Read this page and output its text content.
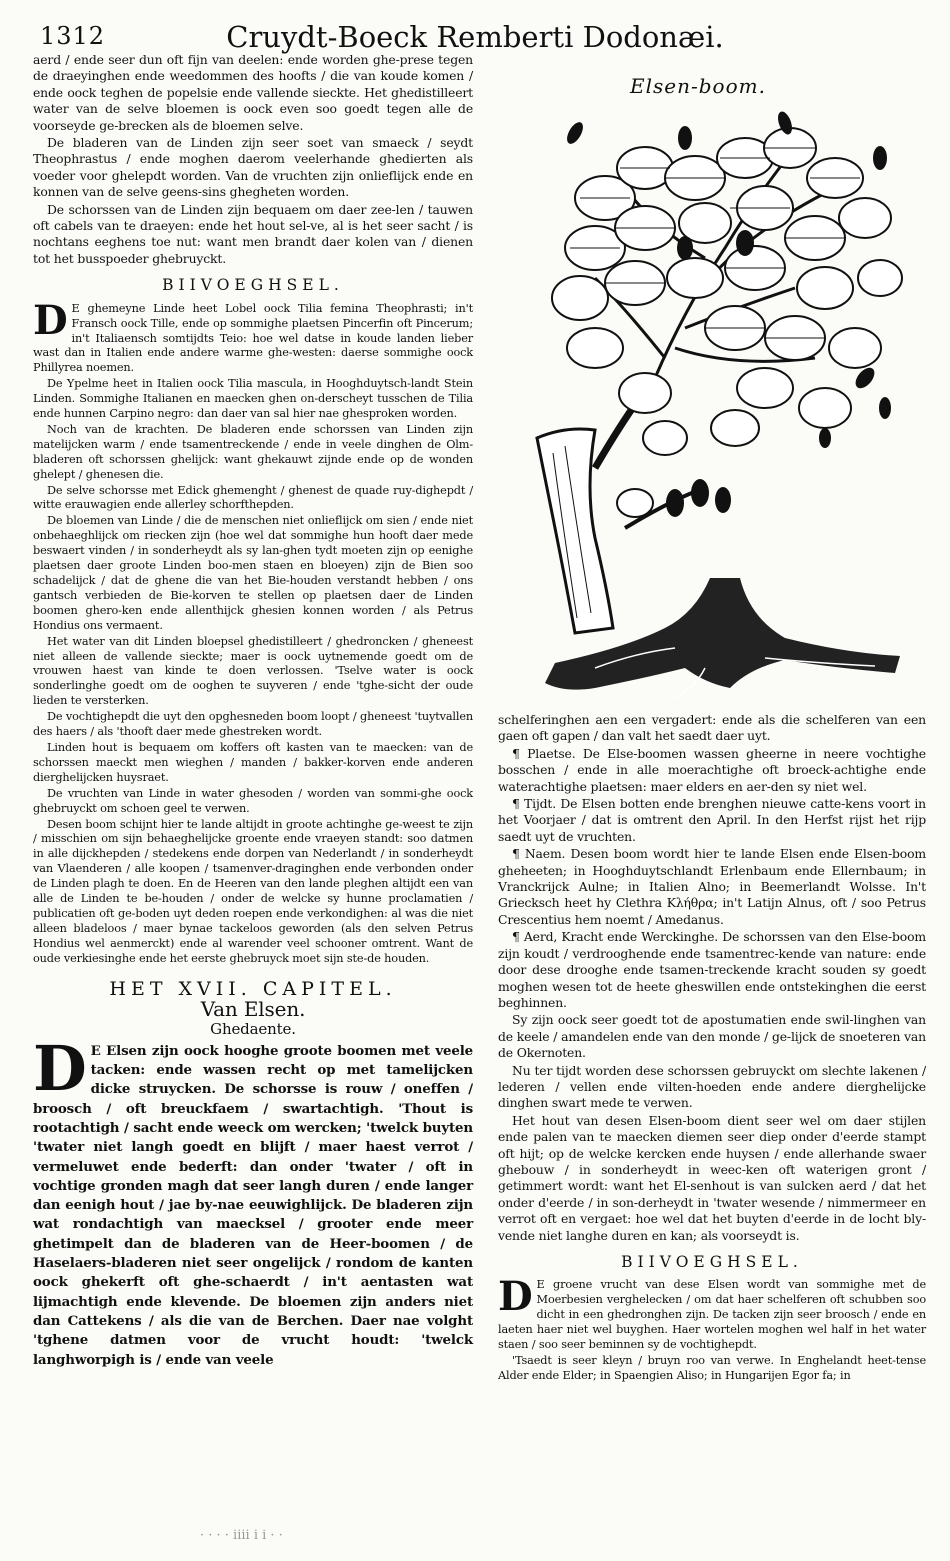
1312	Cruydt-Boeck Remberti Dodonæi.
Elsen-boom.

aerd / ende seer dun oft fijn van deelen: ende worden ghe-prese tegen de draeyinghen ende weedommen des hoofts / die van koude komen / ende oock teghen de popelsie ende vallende sieckte. Het ghedistilleert water van de selve bloemen is oock even soo goedt tegen alle de voorseyde ge-brecken als de bloemen selve.

De bladeren van de Linden zijn seer soet van smaeck / seydt Theophrastus / ende moghen daerom veelerhande ghedierten als voeder voor ghelepdt worden. Van de vruchten zijn onlieflijck ende en konnen van de selve geens-sins ghegheten worden.

De schorssen van de Linden zijn bequaem om daer zee-len / tauwen oft cabels van te draeyen: ende het hout sel-ve, al is het seer sacht / is nochtans eeghens toe nut: want men brandt daer kolen van / dienen tot het busspoeder ghebruyckt.

BIIVOEGHSEL.

D E ghemeyne Linde heet Lobel oock Tilia femina Theophrasti; in't Fransch oock Tille, ende op sommighe plaetsen Pincerfin oft Pincerum; in't Italiaensch somtijdts Teio: hoe wel datse in koude landen lieber wast dan in Italien ende andere warme ghe-westen: daerse sommighe oock Phillyrea noemen.

De Ypelme heet in Italien oock Tilia mascula, in Hooghduytsch-landt Stein Linden. Sommighe Italianen en maecken ghen on-derscheyt tusschen de Tilia ende hunnen Carpino negro: dan daer van sal hier nae ghesproken worden.

Noch van de krachten. De bladeren ende schorssen van Linden zijn matelijcken warm / ende tsamentreckende / ende in veele dinghen de Olm-bladeren oft schorssen ghelijck: want ghekauwt zijnde ende op de wonden ghelept / ghenesen die.

De selve schorsse met Edick ghemenght / ghenest de quade ruy-dighepdt / witte erauwagien ende allerley schorfthepden.

De bloemen van Linde / die de menschen niet onlieflijck om sien / ende niet onbehaeghlijck om riecken zijn (hoe wel dat sommighe hun hooft daer mede beswaert vinden / in sonderheydt als sy lan-ghen tydt moeten zijn op eenighe plaetsen daer groote Linden boo-men staen en bloeyen) zijn de Bien soo schadelijck / dat de ghene die van het Bie-houden verstandt hebben / ons gantsch verbieden de Bie-korven te stellen op plaetsen daer de Linden boomen ghero-ken ende allenthijck ghesien konnen worden / als Petrus Hondius ons vermaent.

Het water van dit Linden bloepsel ghedistilleert / ghedroncken / gheneest niet alleen de vallende sieckte; maer is oock uytnemende goedt om de vrouwen haest van kinde te doen verlossen. 'Tselve water is oock sonderlinghe goedt om de ooghen te suyveren / ende 'tghe-sicht der oude lieden te versterken.

De vochtighepdt die uyt den opghesneden boom loopt / gheneest 'tuytvallen des haers / als 'thooft daer mede ghestreken wordt.

Linden hout is bequaem om koffers oft kasten van te maecken: van de schorssen maeckt men wieghen / manden / bakker-korven ende anderen dierghelijcken huysraet.

De vruchten van Linde in water ghesoden / worden van sommi-ghe oock ghebruyckt om schoen geel te verwen.

Desen boom schijnt hier te lande altijdt in groote achtinghe ge-weest te zijn / misschien om sijn behaeghelijcke groente ende vraeyen standt: soo datmen in alle dijckhepden / stedekens ende dorpen van Nederlandt / in sonderheydt van Vlaenderen / alle koopen / tsamenver-draginghen ende verbonden onder de Linden plagh te doen. En de Heeren van den lande pleghen altijdt een van alle de Linden te be-houden / onder de welcke sy hunne proclamatien / publicatien oft ge-boden uyt deden roepen ende verkondighen: al was die niet alleen bladeloos / maer bynae tackeloos geworden (als den selven Petrus Hondius wel aenmerckt) ende al warender veel schooner omtrent. Want de oude verkiesinghe ende het eerste ghebruyck moet sijn ste-de houden.

HET XVII. CAPITEL.
Van Elsen.
Ghedaente.

D E Elsen zijn oock hooghe groote boomen met veele tacken: ende wassen recht op met tamelijcken dicke struycken. De schorsse is rouw / oneffen / broosch / oft breuckfaem / swartachtigh. 'Thout is rootachtigh / sacht ende weeck om wercken; 'twelck buyten 'twater niet langh goedt en blijft / maer haest verrot / vermeluwet ende bederft: dan onder 'twater / oft in vochtige gronden magh dat seer langh duren / ende langer dan eenigh hout / jae by-nae eeuwighlijck. De bladeren zijn wat rondachtigh van maecksel / grooter ende meer ghetimpelt dan de bladeren van de Heer-boomen / de Haselaers-bladeren niet seer ongelijck / rondom de kanten oock ghekerft oft ghe-schaerdt / in't aentasten wat lijmachtigh ende klevende. De bloemen zijn anders niet dan Cattekens / als die van de Berchen. Daer nae volght 'tghene datmen voor de vrucht houdt: 'twelck langhworpigh is / ende van veele

schelferinghen aen een vergadert: ende als die schelferen van een gaen oft gapen / dan valt het saedt daer uyt.

¶ Plaetse. De Else-boomen wassen gheerne in neere vochtighe bosschen / ende in alle moerachtighe oft broeck-achtighe ende waterachtighe plaetsen: maer elders en aer-den sy niet wel.

¶ Tijdt. De Elsen botten ende brenghen nieuwe catte-kens voort in het Voorjaer / dat is omtrent den April. In den Herfst rijst het rijp saedt uyt de vruchten.

¶ Naem. Desen boom wordt hier te lande Elsen ende Elsen-boom gheheeten; in Hooghduytschlandt Erlenbaum ende Ellernbaum; in Vranckrijck Aulne; in Italien Alno; in Beemerlandt Wolsse. In't Griecksch heet hy Clethra Κλήθρα; in't Latijn Alnus, oft / soo Petrus Crescentius hem noemt / Amedanus.

¶ Aerd, Kracht ende Werckinghe. De schorssen van den Else-boom zijn koudt / verdrooghende ende tsamentrec-kende van nature: ende door dese drooghe ende tsamen-treckende kracht souden sy goedt moghen wesen tot de heete gheswillen ende ontstekinghen die eerst beghinnen.

Sy zijn oock seer goedt tot de apostumatien ende swil-linghen van de keele / amandelen ende van den monde / ge-lijck de snoeteren van de Okernoten.

Nu ter tijdt worden dese schorssen gebruyckt om slechte lakenen / lederen / vellen ende vilten-hoeden ende andere dierghelijcke dinghen swart mede te verwen.

Het hout van desen Elsen-boom dient seer wel om daer stijlen ende palen van te maecken diemen seer diep onder d'eerde stampt oft hijt; op de welcke kercken ende huysen / ende allerhande swaer ghebouw / in sonderheydt in weec-ken oft waterigen gront / getimmert wordt: want het El-senhout is van sulcken aerd / dat het onder d'eerde / in son-derheydt in 'twater wesende / nimmermeer en verrot oft en vergaet: hoe wel dat het buyten d'eerde in de locht bly-vende niet langhe duren en kan; als voorseydt is.

BIIVOEGHSEL.

D E groene vrucht van dese Elsen wordt van sommighe met de Moerbesien verghelecken / om dat haer schelferen oft schubben soo dicht in een ghedronghen zijn. De tacken zijn seer broosch / ende en laeten haer niet wel buyghen. Haer wortelen moghen wel half in het water staen / soo seer beminnen sy de vochtighepdt.

'Tsaedt is seer kleyn / bruyn roo van verwe. In Enghelandt heet-tense Alder ende Elder; in Spaengien Aliso; in Hungarijen Egor fa; in

· · · · iiii i i · ·
